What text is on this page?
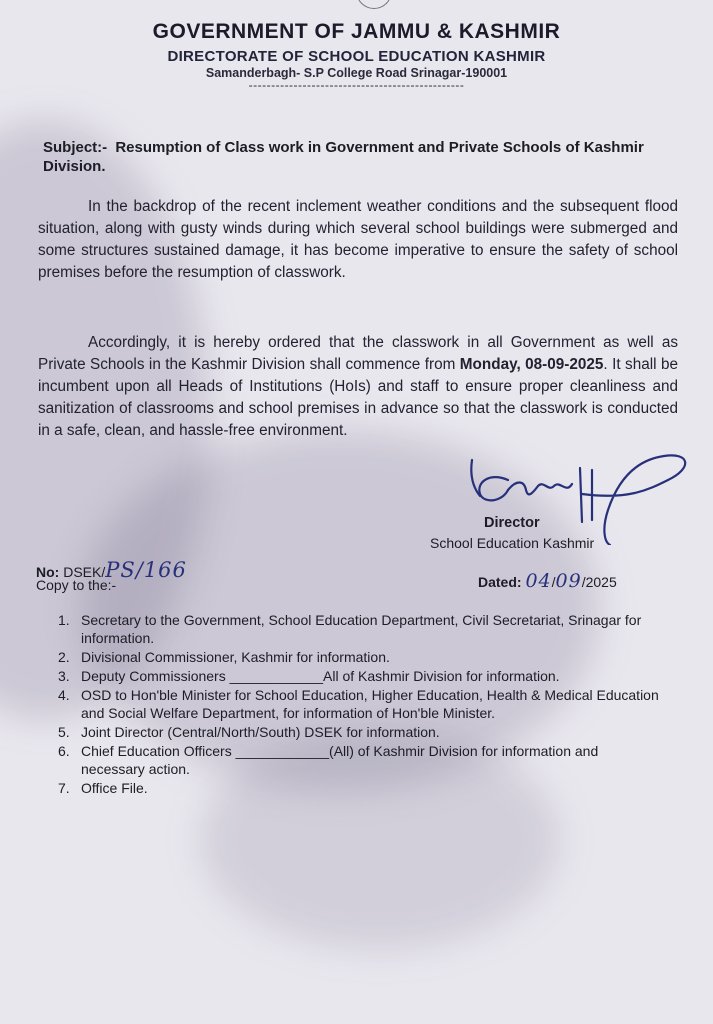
GOVERNMENT OF JAMMU & KASHMIR
DIRECTORATE OF SCHOOL EDUCATION KASHMIR
Samanderbagh- S.P College Road Srinagar-190001
------------------------------------------------
Subject:- Resumption of Class work in Government and Private Schools of Kashmir Division.
In the backdrop of the recent inclement weather conditions and the subsequent flood situation, along with gusty winds during which several school buildings were submerged and some structures sustained damage, it has become imperative to ensure the safety of school premises before the resumption of classwork.
Accordingly, it is hereby ordered that the classwork in all Government as well as Private Schools in the Kashmir Division shall commence from Monday, 08-09-2025. It shall be incumbent upon all Heads of Institutions (HoIs) and staff to ensure proper cleanliness and sanitization of classrooms and school premises in advance so that the classwork is conducted in a safe, clean, and hassle-free environment.
Director
School Education Kashmir
No: DSEK/PS/166
Copy to the:-	Dated: 04/09/2025
1. Secretary to the Government, School Education Department, Civil Secretariat, Srinagar for information.
2. Divisional Commissioner, Kashmir for information.
3. Deputy Commissioners ____________All of Kashmir Division for information.
4. OSD to Hon'ble Minister for School Education, Higher Education, Health & Medical Education and Social Welfare Department, for information of Hon'ble Minister.
5. Joint Director (Central/North/South) DSEK for information.
6. Chief Education Officers ____________(All) of Kashmir Division for information and necessary action.
7. Office File.
